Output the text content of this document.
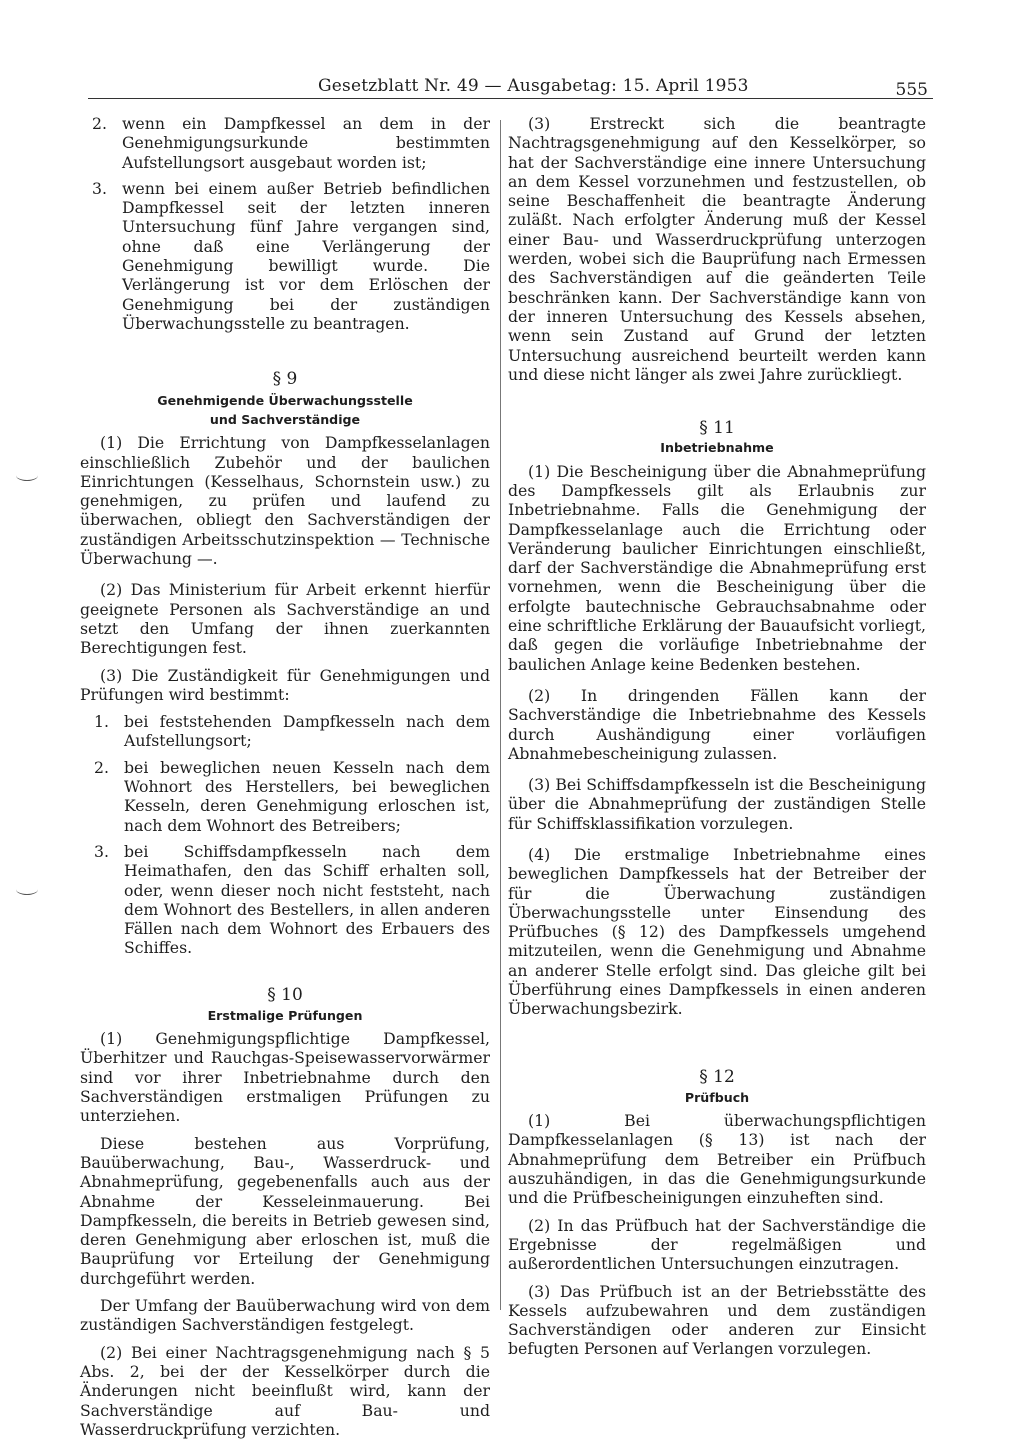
Gesetzblatt Nr. 49 — Ausgabetag: 15. April 1953	555
2. wenn ein Dampfkessel an dem in der Genehmigungsurkunde bestimmten Aufstellungsort ausgebaut worden ist;

3. wenn bei einem außer Betrieb befindlichen Dampfkessel seit der letzten inneren Untersuchung fünf Jahre vergangen sind, ohne daß eine Verlängerung der Genehmigung bewilligt wurde. Die Verlängerung ist vor dem Erlöschen der Genehmigung bei der zuständigen Überwachungsstelle zu beantragen.

§ 9

Genehmigende Überwachungsstelle

und Sachverständige

(1) Die Errichtung von Dampfkesselanlagen einschließlich Zubehör und der baulichen Einrichtungen (Kesselhaus, Schornstein usw.) zu genehmigen, zu prüfen und laufend zu überwachen, obliegt den Sachverständigen der zuständigen Arbeitsschutzinspektion — Technische Überwachung —.

(2) Das Ministerium für Arbeit erkennt hierfür geeignete Personen als Sachverständige an und setzt den Umfang der ihnen zuerkannten Berechtigungen fest.

(3) Die Zuständigkeit für Genehmigungen und Prüfungen wird bestimmt:

1. bei feststehenden Dampfkesseln nach dem Aufstellungsort;

2. bei beweglichen neuen Kesseln nach dem Wohnort des Herstellers, bei beweglichen Kesseln, deren Genehmigung erloschen ist, nach dem Wohnort des Betreibers;

3. bei Schiffsdampfkesseln nach dem Heimathafen, den das Schiff erhalten soll, oder, wenn dieser noch nicht feststeht, nach dem Wohnort des Bestellers, in allen anderen Fällen nach dem Wohnort des Erbauers des Schiffes.

§ 10

Erstmalige Prüfungen

(1) Genehmigungspflichtige Dampfkessel, Überhitzer und Rauchgas-Speisewasservorwärmer sind vor ihrer Inbetriebnahme durch den Sachverständigen erstmaligen Prüfungen zu unterziehen.

Diese bestehen aus Vorprüfung, Bauüberwachung, Bau-, Wasserdruck- und Abnahmeprüfung, gegebenenfalls auch aus der Abnahme der Kesseleinmauerung. Bei Dampfkesseln, die bereits in Betrieb gewesen sind, deren Genehmigung aber erloschen ist, muß die Bauprüfung vor Erteilung der Genehmigung durchgeführt werden.

Der Umfang der Bauüberwachung wird von dem zuständigen Sachverständigen festgelegt.

(2) Bei einer Nachtragsgenehmigung nach § 5 Abs. 2, bei der der Kesselkörper durch die Änderungen nicht beeinflußt wird, kann der Sachverständige auf Bau- und Wasserdruckprüfung verzichten.

(3) Erstreckt sich die beantragte Nachtragsgenehmigung auf den Kesselkörper, so hat der Sachverständige eine innere Untersuchung an dem Kessel vorzunehmen und festzustellen, ob seine Beschaffenheit die beantragte Änderung zuläßt. Nach erfolgter Änderung muß der Kessel einer Bau- und Wasserdruckprüfung unterzogen werden, wobei sich die Bauprüfung nach Ermessen des Sachverständigen auf die geänderten Teile beschränken kann. Der Sachverständige kann von der inneren Untersuchung des Kessels absehen, wenn sein Zustand auf Grund der letzten Untersuchung ausreichend beurteilt werden kann und diese nicht länger als zwei Jahre zurückliegt.

§ 11

Inbetriebnahme

(1) Die Bescheinigung über die Abnahmeprüfung des Dampfkessels gilt als Erlaubnis zur Inbetriebnahme. Falls die Genehmigung der Dampfkesselanlage auch die Errichtung oder Veränderung baulicher Einrichtungen einschließt, darf der Sachverständige die Abnahmeprüfung erst vornehmen, wenn die Bescheinigung über die erfolgte bautechnische Gebrauchsabnahme oder eine schriftliche Erklärung der Bauaufsicht vorliegt, daß gegen die vorläufige Inbetriebnahme der baulichen Anlage keine Bedenken bestehen.

(2) In dringenden Fällen kann der Sachverständige die Inbetriebnahme des Kessels durch Aushändigung einer vorläufigen Abnahmebescheinigung zulassen.

(3) Bei Schiffsdampfkesseln ist die Bescheinigung über die Abnahmeprüfung der zuständigen Stelle für Schiffsklassifikation vorzulegen.

(4) Die erstmalige Inbetriebnahme eines beweglichen Dampfkessels hat der Betreiber der für die Überwachung zuständigen Überwachungsstelle unter Einsendung des Prüfbuches (§ 12) des Dampfkessels umgehend mitzuteilen, wenn die Genehmigung und Abnahme an anderer Stelle erfolgt sind. Das gleiche gilt bei Überführung eines Dampfkessels in einen anderen Überwachungsbezirk.

§ 12

Prüfbuch

(1) Bei überwachungspflichtigen Dampfkesselanlagen (§ 13) ist nach der Abnahmeprüfung dem Betreiber ein Prüfbuch auszuhändigen, in das die Genehmigungsurkunde und die Prüfbescheinigungen einzuheften sind.

(2) In das Prüfbuch hat der Sachverständige die Ergebnisse der regelmäßigen und außerordentlichen Untersuchungen einzutragen.

(3) Das Prüfbuch ist an der Betriebsstätte des Kessels aufzubewahren und dem zuständigen Sachverständigen oder anderen zur Einsicht befugten Personen auf Verlangen vorzulegen.
